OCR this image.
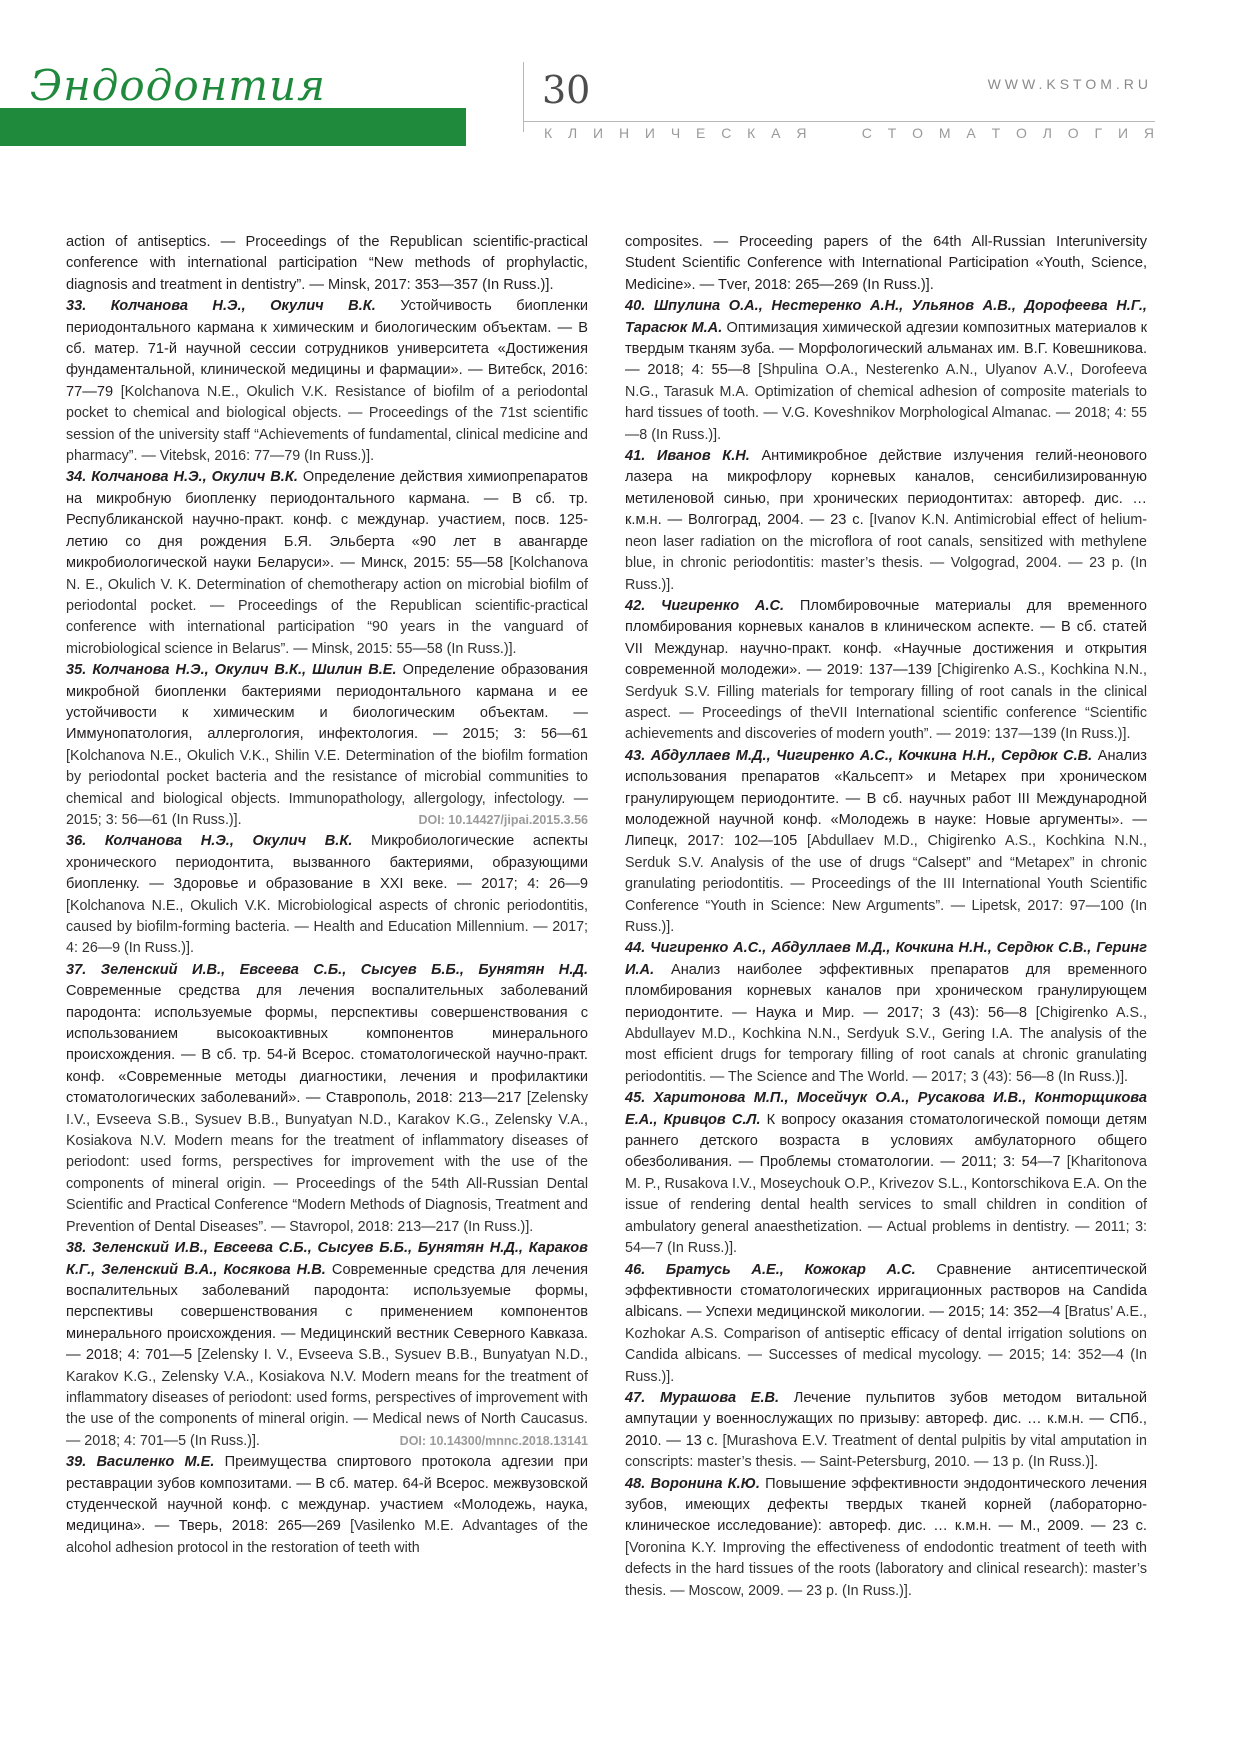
Эндодонтия	30	WWW.KSTOM.RU
К Л И Н И Ч Е С К А Я

	С Т О М А Т О Л О Г И Я

action of antiseptics. — Proceedings of the Republican scientific-practical conference with international participation “New methods of prophylactic, diagnosis and treatment in dentistry”. — Minsk, 2017: 353—357 (In Russ.)].

33. Колчанова Н.Э., Окулич В.К. Устойчивость биопленки периодонтального кармана к химическим и биологическим объектам. — В сб. матер. 71-й научной сессии сотрудников университета «Достижения фундаментальной, клинической медицины и фармации». — Витебск, 2016: 77—79 [Kolchanova N.E., Okulich V.K. Resistance of biofilm of a periodontal pocket to chemical and biological objects. — Proceedings of the 71st scientific session of the university staff “Achievements of fundamental, clinical medicine and pharmacy”. — Vitebsk, 2016: 77—79 (In Russ.)].

34. Колчанова Н.Э., Окулич В.К. Определение действия химиопрепаратов на микробную биопленку периодонтального кармана. — В сб. тр. Республиканской научно-практ. конф. с междунар. участием, посв. 125-летию со дня рождения Б.Я. Эльберта «90 лет в авангарде микробиологической науки Беларуси». — Минск, 2015: 55—58 [Kolchanova N. E., Okulich V. K. Determination of chemotherapy action on microbial biofilm of periodontal pocket. — Proceedings of the Republican scientific-practical conference with international participation “90 years in the vanguard of microbiological science in Belarus”. — Minsk, 2015: 55—58 (In Russ.)].

35. Колчанова Н.Э., Окулич В.К., Шилин В.Е. Определение образования микробной биопленки бактериями периодонтального кармана и ее устойчивости к химическим и биологическим объектам. — Иммунопатология, аллергология, инфектология. — 2015; 3: 56—61 [Kolchanova N.E., Okulich V.K., Shilin V.E. Determination of the biofilm formation by periodontal pocket bacteria and the resistance of microbial communities to chemical and biological objects. Immunopathology, allergology, infectology. — 2015; 3: 56—61 (In Russ.)].	DOI: 10.14427/jipai.2015.3.56

36. Колчанова Н.Э., Окулич В.К. Микробиологические аспекты хронического периодонтита, вызванного бактериями, образующими биопленку. — Здоровье и образование в XXI веке. — 2017; 4: 26—9 [Kolchanova N.E., Okulich V.K. Microbiological aspects of chronic periodontitis, caused by biofilm-forming bacteria. — Health and Education Millennium. — 2017; 4: 26—9 (In Russ.)].

37. Зеленский И.В., Евсеева С.Б., Сысуев Б.Б., Бунятян Н.Д. Современные средства для лечения воспалительных заболеваний пародонта: используемые формы, перспективы совершенствования с использованием высокоактивных компонентов минерального происхождения. — В сб. тр. 54-й Всерос. стоматологической научно-практ. конф. «Современные методы диагностики, лечения и профилактики стоматологических заболеваний». — Ставрополь, 2018: 213—217 [Zelensky I.V., Evseeva S.B., Sysuev B.B., Bunyatyan N.D., Karakov K.G., Zelensky V.A., Kosiakova N.V. Modern means for the treatment of inflammatory diseases of periodont: used forms, perspectives for improvement with the use of the components of mineral origin. — Proceedings of the 54th All-Russian Dental Scientific and Practical Conference “Modern Methods of Diagnosis, Treatment and Prevention of Dental Diseases”. — Stavropol, 2018: 213—217 (In Russ.)].

38. Зеленский И.В., Евсеева С.Б., Сысуев Б.Б., Бунятян Н.Д., Караков К.Г., Зеленский В.А., Косякова Н.В. Современные средства для лечения воспалительных заболеваний пародонта: используемые формы, перспективы совершенствования с применением компонентов минерального происхождения. — Медицинский вестник Северного Кавказа. — 2018; 4: 701—5 [Zelensky I. V., Evseeva S.B., Sysuev B.B., Bunyatyan N.D., Karakov K.G., Zelensky V.A., Kosiakova N.V. Modern means for the treatment of inflammatory diseases of periodont: used forms, perspectives of improvement with the use of the components of mineral origin. — Medical news of North Caucasus. — 2018; 4: 701—5 (In Russ.)].	DOI: 10.14300/mnnc.2018.13141

39. Василенко М.Е. Преимущества спиртового протокола адгезии при реставрации зубов композитами. — В сб. матер. 64-й Всерос. межвузовской студенческой научной конф. с междунар. участием «Молодежь, наука, медицина». — Тверь, 2018: 265—269 [Vasilenko M.E. Advantages of the alcohol adhesion protocol in the restoration of teeth with

composites. — Proceeding papers of the 64th All-Russian Interuniversity Student Scientific Conference with International Participation «Youth, Science, Medicine». — Tver, 2018: 265—269 (In Russ.)].

40. Шпулина О.А., Нестеренко А.Н., Ульянов А.В., Дорофеева Н.Г., Тарасюк М.А. Оптимизация химической адгезии композитных материалов к твердым тканям зуба. — Морфологический альманах им. В.Г. Ковешникова. — 2018; 4: 55—8 [Shpulina O.A., Nesterenko A.N., Ulyanov A.V., Dorofeeva N.G., Tarasuk M.A. Optimization of chemical adhesion of composite materials to hard tissues of tooth. — V.G. Koveshnikov Morphological Almanac. — 2018; 4: 55—8 (In Russ.)].

41. Иванов К.Н. Антимикробное действие излучения гелий-неонового лазера на микрофлору корневых каналов, сенсибилизированную метиленовой синью, при хронических периодонтитах: автореф. дис. … к.м.н. — Волгоград, 2004. — 23 с. [Ivanov K.N. Antimicrobial effect of helium-neon laser radiation on the microflora of root canals, sensitized with methylene blue, in chronic periodontitis: master’s thesis. — Volgograd, 2004. — 23 p. (In Russ.)].

42. Чигиренко А.С. Пломбировочные материалы для временного пломбирования корневых каналов в клиническом аспекте. — В сб. статей VII Междунар. научно-практ. конф. «Научные достижения и открытия современной молодежи». — 2019: 137—139 [Chigirenko A.S., Kochkina N.N., Serdyuk S.V. Filling materials for temporary filling of root canals in the clinical aspect. — Proceedings of theVII International scientific conference “Scientific achievements and discoveries of modern youth”. — 2019: 137—139 (In Russ.)].

43. Абдуллаев М.Д., Чигиренко А.С., Кочкина Н.Н., Сердюк С.В. Анализ использования препаратов «Кальсепт» и Metapex при хроническом гранулирующем периодонтите. — В сб. научных работ III Международной молодежной научной конф. «Молодежь в науке: Новые аргументы». — Липецк, 2017: 102—105 [Abdullaev M.D., Chigirenko A.S., Kochkina N.N., Serduk S.V. Analysis of the use of drugs “Calsept” and “Metapex” in chronic granulating periodontitis. — Proceedings of the III International Youth Scientific Conference “Youth in Science: New Arguments”. — Lipetsk, 2017: 97—100 (In Russ.)].

44. Чигиренко А.С., Абдуллаев М.Д., Кочкина Н.Н., Сердюк С.В., Геринг И.А. Анализ наиболее эффективных препаратов для временного пломбирования корневых каналов при хроническом гранулирующем периодонтите. — Наука и Мир. — 2017; 3 (43): 56—8 [Chigirenko A.S., Abdullayev M.D., Kochkina N.N., Serdyuk S.V., Gering I.A. The analysis of the most efficient drugs for temporary filling of root canals at chronic granulating periodontitis. — The Science and The World. — 2017; 3 (43): 56—8 (In Russ.)].

45. Харитонова М.П., Мосейчук О.А., Русакова И.В., Конторщикова Е.А., Кривцов С.Л. К вопросу оказания стоматологической помощи детям раннего детского возраста в условиях амбулаторного общего обезболивания. — Проблемы стоматологии. — 2011; 3: 54—7 [Kharitonova M. P., Rusakova I.V., Moseychouk O.P., Krivezov S.L., Kontorschikova E.A. On the issue of rendering dental health services to small children in condition of ambulatory general anaesthetization. — Actual problems in dentistry. — 2011; 3: 54—7 (In Russ.)].

46. Братусь А.Е., Кожокар А.С. Сравнение антисептической эффективности стоматологических ирригационных растворов на Candida albicans. — Успехи медицинской микологии. — 2015; 14: 352—4 [Bratus’ A.E., Kozhokar A.S. Comparison of antiseptic efficacy of dental irrigation solutions on Candida albicans. — Successes of medical mycology. — 2015; 14: 352—4 (In Russ.)].

47. Мурашова Е.В. Лечение пульпитов зубов методом витальной ампутации у военнослужащих по призыву: автореф. дис. … к.м.н. — СПб., 2010. — 13 с. [Murashova E.V. Treatment of dental pulpitis by vital amputation in conscripts: master’s thesis. — Saint-Petersburg, 2010. — 13 p. (In Russ.)].

48. Воронина К.Ю. Повышение эффективности эндодонтического лечения зубов, имеющих дефекты твердых тканей корней (лабораторно-клиническое исследование): автореф. дис. … к.м.н. — М., 2009. — 23 с. [Voronina K.Y. Improving the effectiveness of endodontic treatment of teeth with defects in the hard tissues of the roots (laboratory and clinical research): master’s thesis. — Moscow, 2009. — 23 p. (In Russ.)].
